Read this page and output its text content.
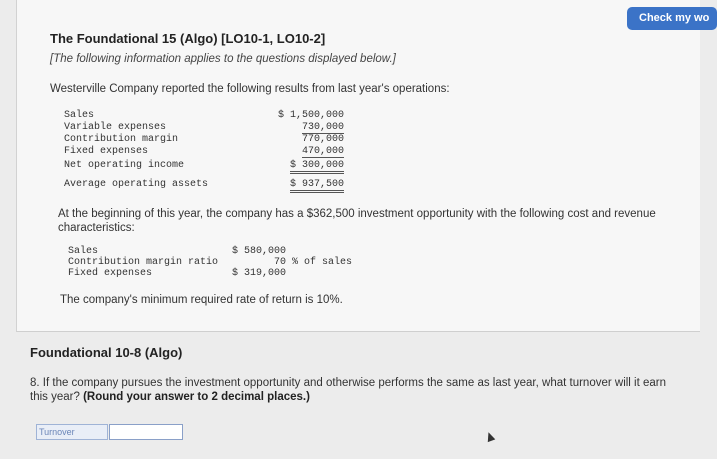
Check my wo
The Foundational 15 (Algo) [LO10-1, LO10-2]
[The following information applies to the questions displayed below.]
Westerville Company reported the following results from last year's operations:
Sales	$ 1,500,000
Variable expenses	730,000
Contribution margin	770,000
Fixed expenses	470,000
Net operating income	$ 300,000
Average operating assets	$ 937,500
At the beginning of this year, the company has a $362,500 investment opportunity with the following cost and revenue characteristics:
Sales	$ 580,000
Contribution margin ratio	70 % of sales
Fixed expenses	$ 319,000
The company's minimum required rate of return is 10%.
Foundational 10-8 (Algo)
8. If the company pursues the investment opportunity and otherwise performs the same as last year, what turnover will it earn this year? (Round your answer to 2 decimal places.)
Turnover
